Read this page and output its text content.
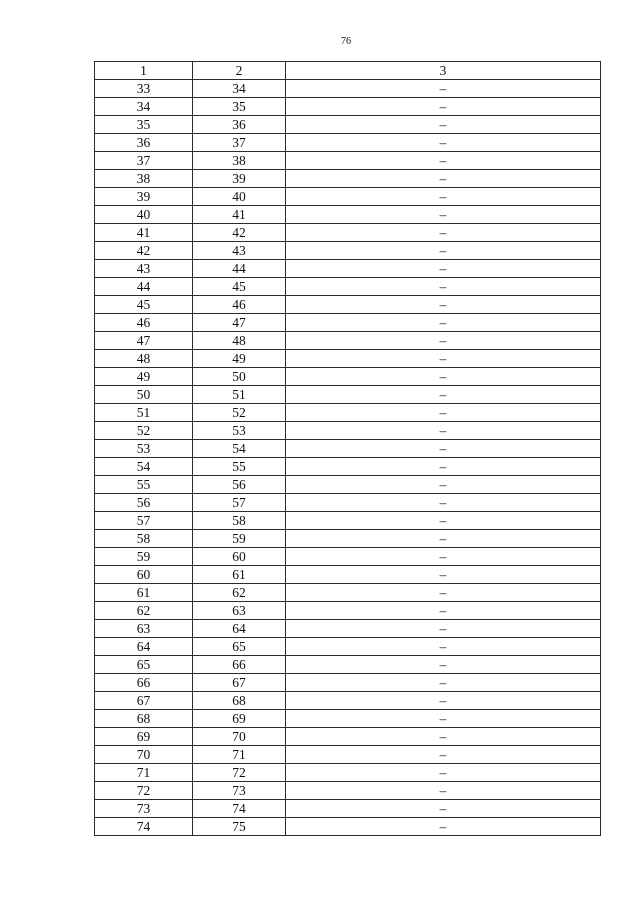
76
1	2	3
33	34	–
34	35	–
35	36	–
36	37	–
37	38	–
38	39	–
39	40	–
40	41	–
41	42	–
42	43	–
43	44	–
44	45	–
45	46	–
46	47	–
47	48	–
48	49	–
49	50	–
50	51	–
51	52	–
52	53	–
53	54	–
54	55	–
55	56	–
56	57	–
57	58	–
58	59	–
59	60	–
60	61	–
61	62	–
62	63	–
63	64	–
64	65	–
65	66	–
66	67	–
67	68	–
68	69	–
69	70	–
70	71	–
71	72	–
72	73	–
73	74	–
74	75	–
